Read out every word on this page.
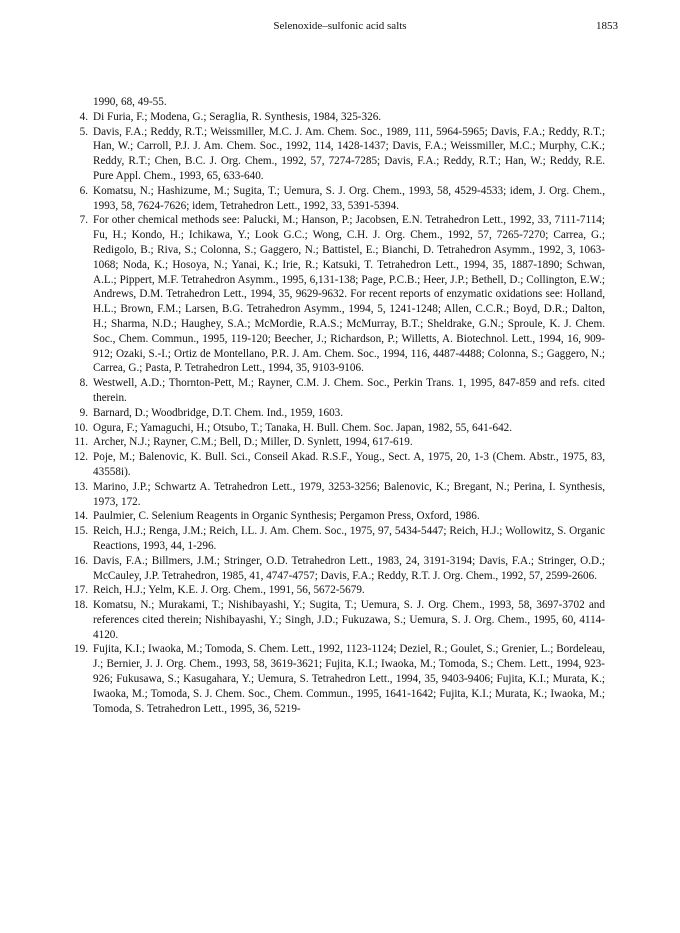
Selenoxide–sulfonic acid salts	1853
1990, 68, 49-55.
4. Di Furia, F.; Modena, G.; Seraglia, R. Synthesis, 1984, 325-326.
5. Davis, F.A.; Reddy, R.T.; Weissmiller, M.C. J. Am. Chem. Soc., 1989, 111, 5964-5965; Davis, F.A.; Reddy, R.T.; Han, W.; Carroll, P.J. J. Am. Chem. Soc., 1992, 114, 1428-1437; Davis, F.A.; Weissmiller, M.C.; Murphy, C.K.; Reddy, R.T.; Chen, B.C. J. Org. Chem., 1992, 57, 7274-7285; Davis, F.A.; Reddy, R.T.; Han, W.; Reddy, R.E. Pure Appl. Chem., 1993, 65, 633-640.
6. Komatsu, N.; Hashizume, M.; Sugita, T.; Uemura, S. J. Org. Chem., 1993, 58, 4529-4533; idem, J. Org. Chem., 1993, 58, 7624-7626; idem, Tetrahedron Lett., 1992, 33, 5391-5394.
7. For other chemical methods see: Palucki, M.; Hanson, P.; Jacobsen, E.N. Tetrahedron Lett., 1992, 33, 7111-7114; Fu, H.; Kondo, H.; Ichikawa, Y.; Look G.C.; Wong, C.H. J. Org. Chem., 1992, 57, 7265-7270; Carrea, G.; Redigolo, B.; Riva, S.; Colonna, S.; Gaggero, N.; Battistel, E.; Bianchi, D. Tetrahedron Asymm., 1992, 3, 1063-1068; Noda, K.; Hosoya, N.; Yanai, K.; Irie, R.; Katsuki, T. Tetrahedron Lett., 1994, 35, 1887-1890; Schwan, A.L.; Pippert, M.F. Tetrahedron Asymm., 1995, 6,131-138; Page, P.C.B.; Heer, J.P.; Bethell, D.; Collington, E.W.; Andrews, D.M. Tetrahedron Lett., 1994, 35, 9629-9632. For recent reports of enzymatic oxidations see: Holland, H.L.; Brown, F.M.; Larsen, B.G. Tetrahedron Asymm., 1994, 5, 1241-1248; Allen, C.C.R.; Boyd, D.R.; Dalton, H.; Sharma, N.D.; Haughey, S.A.; McMordie, R.A.S.; McMurray, B.T.; Sheldrake, G.N.; Sproule, K. J. Chem. Soc., Chem. Commun., 1995, 119-120; Beecher, J.; Richardson, P.; Willetts, A. Biotechnol. Lett., 1994, 16, 909-912; Ozaki, S.-I.; Ortiz de Montellano, P.R. J. Am. Chem. Soc., 1994, 116, 4487-4488; Colonna, S.; Gaggero, N.; Carrea, G.; Pasta, P. Tetrahedron Lett., 1994, 35, 9103-9106.
8. Westwell, A.D.; Thornton-Pett, M.; Rayner, C.M. J. Chem. Soc., Perkin Trans. 1, 1995, 847-859 and refs. cited therein.
9. Barnard, D.; Woodbridge, D.T. Chem. Ind., 1959, 1603.
10. Ogura, F.; Yamaguchi, H.; Otsubo, T.; Tanaka, H. Bull. Chem. Soc. Japan, 1982, 55, 641-642.
11. Archer, N.J.; Rayner, C.M.; Bell, D.; Miller, D. Synlett, 1994, 617-619.
12. Poje, M.; Balenovic, K. Bull. Sci., Conseil Akad. R.S.F., Youg., Sect. A, 1975, 20, 1-3 (Chem. Abstr., 1975, 83, 43558i).
13. Marino, J.P.; Schwartz A. Tetrahedron Lett., 1979, 3253-3256; Balenovic, K.; Bregant, N.; Perina, I. Synthesis, 1973, 172.
14. Paulmier, C. Selenium Reagents in Organic Synthesis; Pergamon Press, Oxford, 1986.
15. Reich, H.J.; Renga, J.M.; Reich, I.L. J. Am. Chem. Soc., 1975, 97, 5434-5447; Reich, H.J.; Wollowitz, S. Organic Reactions, 1993, 44, 1-296.
16. Davis, F.A.; Billmers, J.M.; Stringer, O.D. Tetrahedron Lett., 1983, 24, 3191-3194; Davis, F.A.; Stringer, O.D.; McCauley, J.P. Tetrahedron, 1985, 41, 4747-4757; Davis, F.A.; Reddy, R.T. J. Org. Chem., 1992, 57, 2599-2606.
17. Reich, H.J.; Yelm, K.E. J. Org. Chem., 1991, 56, 5672-5679.
18. Komatsu, N.; Murakami, T.; Nishibayashi, Y.; Sugita, T.; Uemura, S. J. Org. Chem., 1993, 58, 3697-3702 and references cited therein; Nishibayashi, Y.; Singh, J.D.; Fukuzawa, S.; Uemura, S. J. Org. Chem., 1995, 60, 4114-4120.
19. Fujita, K.I.; Iwaoka, M.; Tomoda, S. Chem. Lett., 1992, 1123-1124; Deziel, R.; Goulet, S.; Grenier, L.; Bordeleau, J.; Bernier, J. J. Org. Chem., 1993, 58, 3619-3621; Fujita, K.I.; Iwaoka, M.; Tomoda, S.; Chem. Lett., 1994, 923-926; Fukusawa, S.; Kasugahara, Y.; Uemura, S. Tetrahedron Lett., 1994, 35, 9403-9406; Fujita, K.I.; Murata, K.; Iwaoka, M.; Tomoda, S. J. Chem. Soc., Chem. Commun., 1995, 1641-1642; Fujita, K.I.; Murata, K.; Iwaoka, M.; Tomoda, S. Tetrahedron Lett., 1995, 36, 5219-
